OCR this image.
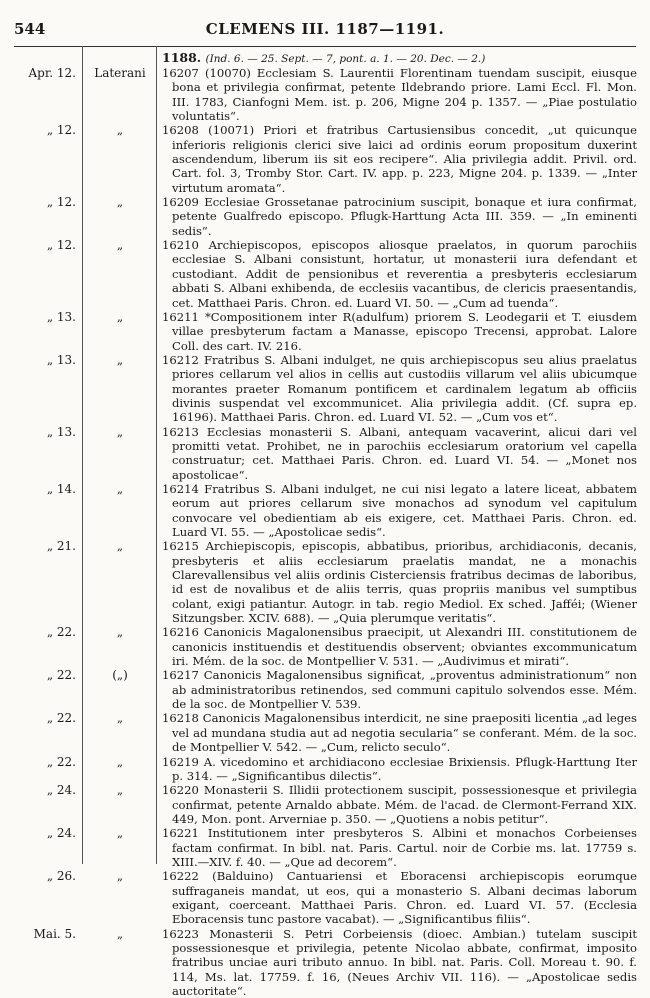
544	CLEMENS III. 1187—1191.
1188. (Ind. 6. — 25. Sept. — 7, pont. a. 1. — 20. Dec. — 2.)
Apr. 12.	Laterani	16207 (10070) Ecclesiam S. Laurentii Florentinam tuendam suscipit, eiusque bona et privilegia confirmat, petente Ildebrando priore. Lami Eccl. Fl. Mon. III. 1783, Cianfogni Mem. ist. p. 206, Migne 204 p. 1357. — „Piae postulatio voluntatis“.
„ 12.	„	16208 (10071) Priori et fratribus Cartusiensibus concedit, „ut quicunque inferioris religionis clerici sive laici ad ordinis eorum propositum duxerint ascendendum, liberum iis sit eos recipere“. Alia privilegia addit. Privil. ord. Cart. fol. 3, Tromby Stor. Cart. IV. app. p. 223, Migne 204. p. 1339. — „Inter virtutum aromata“.
„ 12.	„	16209 Ecclesiae Grossetanae patrocinium suscipit, bonaque et iura confirmat, petente Gualfredo episcopo. Pflugk-Harttung Acta III. 359. — „In eminenti sedis“.
„ 12.	„	16210 Archiepiscopos, episcopos aliosque praelatos, in quorum parochiis ecclesiae S. Albani consistunt, hortatur, ut monasterii iura defendant et custodiant. Addit de pensionibus et reverentia a presbyteris ecclesiarum abbati S. Albani exhibenda, de ecclesiis vacantibus, de clericis praesentandis, cet. Matthaei Paris. Chron. ed. Luard VI. 50. — „Cum ad tuenda“.
„ 13.	„	16211 *Compositionem inter R(adulfum) priorem S. Leodegarii et T. eiusdem villae presbyterum factam a Manasse, episcopo Trecensi, approbat. Lalore Coll. des cart. IV. 216.
„ 13.	„	16212 Fratribus S. Albani indulget, ne quis archiepiscopus seu alius praelatus priores cellarum vel alios in cellis aut custodiis villarum vel aliis ubicumque morantes praeter Romanum pontificem et cardinalem legatum ab officiis divinis suspendat vel excommunicet. Alia privilegia addit. (Cf. supra ep. 16196). Matthaei Paris. Chron. ed. Luard VI. 52. — „Cum vos et“.
„ 13.	„	16213 Ecclesias monasterii S. Albani, antequam vacaverint, alicui dari vel promitti vetat. Prohibet, ne in parochiis ecclesiarum oratorium vel capella construatur; cet. Matthaei Paris. Chron. ed. Luard VI. 54. — „Monet nos apostolicae“.
„ 14.	„	16214 Fratribus S. Albani indulget, ne cui nisi legato a latere liceat, abbatem eorum aut priores cellarum sive monachos ad synodum vel capitulum convocare vel obedientiam ab eis exigere, cet. Matthaei Paris. Chron. ed. Luard VI. 55. — „Apostolicae sedis“.
„ 21.	„	16215 Archiepiscopis, episcopis, abbatibus, prioribus, archidiaconis, decanis, presbyteris et aliis ecclesiarum praelatis mandat, ne a monachis Clarevallensibus vel aliis ordinis Cisterciensis fratribus decimas de laboribus, id est de novalibus et de aliis terris, quas propriis manibus vel sumptibus colant, exigi patiantur. Autogr. in tab. regio Mediol. Ex sched. Jafféi; (Wiener Sitzungsber. XCIV. 688). — „Quia plerumque veritatis“.
„ 22.	„	16216 Canonicis Magalonensibus praecipit, ut Alexandri III. constitutionem de canonicis instituendis et destituendis observent; obviantes excommunicatum iri. Mém. de la soc. de Montpellier V. 531. — „Audivimus et mirati“.
„ 22.	(„)	16217 Canonicis Magalonensibus significat, „proventus administrationum“ non ab administratoribus retinendos, sed communi capitulo solvendos esse. Mém. de la soc. de Montpellier V. 539.
„ 22.	„	16218 Canonicis Magalonensibus interdicit, ne sine praepositi licentia „ad leges vel ad mundana studia aut ad negotia secularia“ se conferant. Mém. de la soc. de Montpellier V. 542. — „Cum, relicto seculo“.
„ 22.	„	16219 A. vicedomino et archidiacono ecclesiae Brixiensis. Pflugk-Harttung Iter p. 314. — „Significantibus dilectis“.
„ 24.	„	16220 Monasterii S. Illidii protectionem suscipit, possessionesque et privilegia confirmat, petente Arnaldo abbate. Mém. de l'acad. de Clermont-Ferrand XIX. 449, Mon. pont. Arverniae p. 350. — „Quotiens a nobis petitur“.
„ 24.	„	16221 Institutionem inter presbyteros S. Albini et monachos Corbeienses factam confirmat. In bibl. nat. Paris. Cartul. noir de Corbie ms. lat. 17759 s. XIII.—XIV. f. 40. — „Que ad decorem“.
„ 26.	„	16222 (Balduino) Cantuariensi et Eboracensi archiepiscopis eorumque suffraganeis mandat, ut eos, qui a monasterio S. Albani decimas laborum exigant, coerceant. Matthaei Paris. Chron. ed. Luard VI. 57. (Ecclesia Eboracensis tunc pastore vacabat). — „Significantibus filiis“.
Mai. 5.	„	16223 Monasterii S. Petri Corbeiensis (dioec. Ambian.) tutelam suscipit possessionesque et privilegia, petente Nicolao abbate, confirmat, imposito fratribus unciae auri tributo annuo. In bibl. nat. Paris. Coll. Moreau t. 90. f. 114, Ms. lat. 17759. f. 16, (Neues Archiv VII. 116). — „Apostolicae sedis auctoritate“.
